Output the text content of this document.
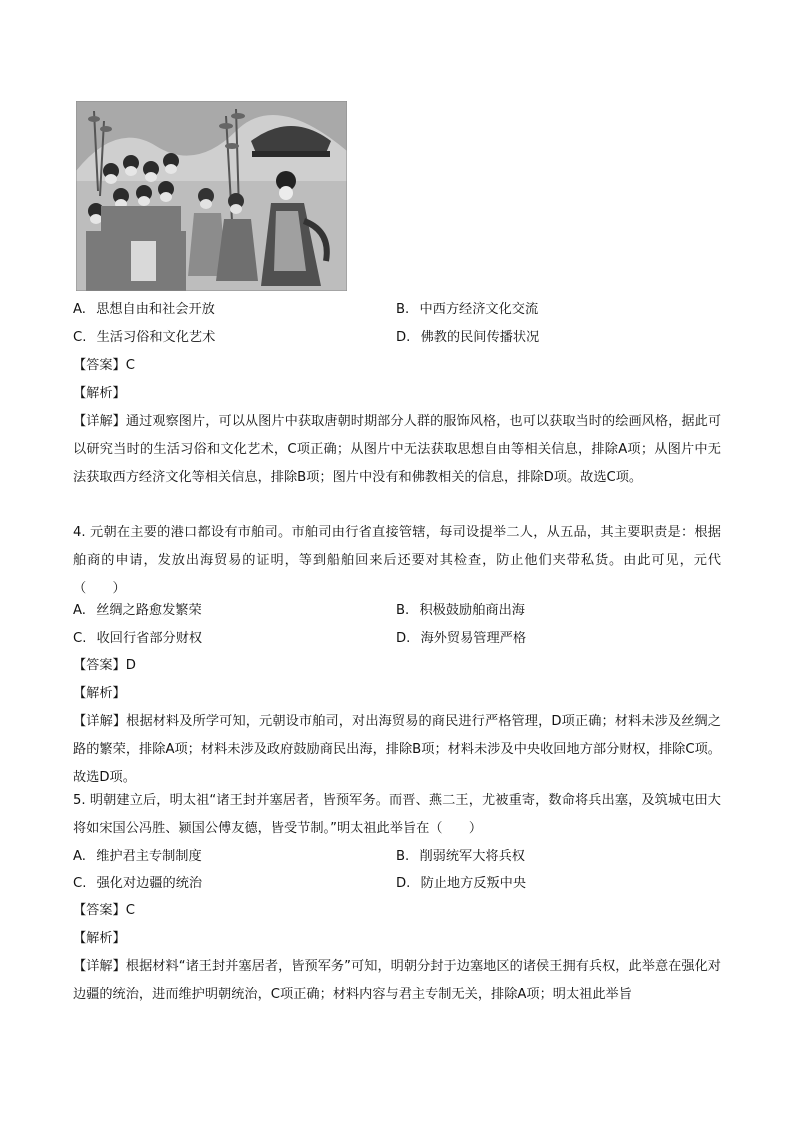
A. 思想自由和社会开放	B. 中西方经济文化交流
C. 生活习俗和文化艺术	D. 佛教的民间传播状况
【答案】C
【解析】
【详解】通过观察图片，可以从图片中获取唐朝时期部分人群的服饰风格，也可以获取当时的绘画风格，据此可以研究当时的生活习俗和文化艺术，C项正确；从图片中无法获取思想自由等相关信息，排除A项；从图片中无法获取西方经济文化等相关信息，排除B项；图片中没有和佛教相关的信息，排除D项。故选C项。
4. 元朝在主要的港口都设有市舶司。市舶司由行省直接管辖，每司设提举二人，从五品，其主要职责是：根据舶商的申请，发放出海贸易的证明，等到船舶回来后还要对其检查，防止他们夹带私货。由此可见，元代（　　）
A. 丝绸之路愈发繁荣	B. 积极鼓励舶商出海
C. 收回行省部分财权	D. 海外贸易管理严格
【答案】D
【解析】
【详解】根据材料及所学可知，元朝设市舶司，对出海贸易的商民进行严格管理，D项正确；材料未涉及丝绸之路的繁荣，排除A项；材料未涉及政府鼓励商民出海，排除B项；材料未涉及中央收回地方部分财权，排除C项。故选D项。
5. 明朝建立后，明太祖“诸王封并塞居者，皆预军务。而晋、燕二王，尤被重寄，数命将兵出塞，及筑城屯田大将如宋国公冯胜、颍国公傅友德，皆受节制。”明太祖此举旨在（　　）
A. 维护君主专制制度	B. 削弱统军大将兵权
C. 强化对边疆的统治	D. 防止地方反叛中央
【答案】C
【解析】
【详解】根据材料“诸王封并塞居者，皆预军务”可知，明朝分封于边塞地区的诸侯王拥有兵权，此举意在强化对边疆的统治，进而维护明朝统治，C项正确；材料内容与君主专制无关，排除A项；明太祖此举旨
